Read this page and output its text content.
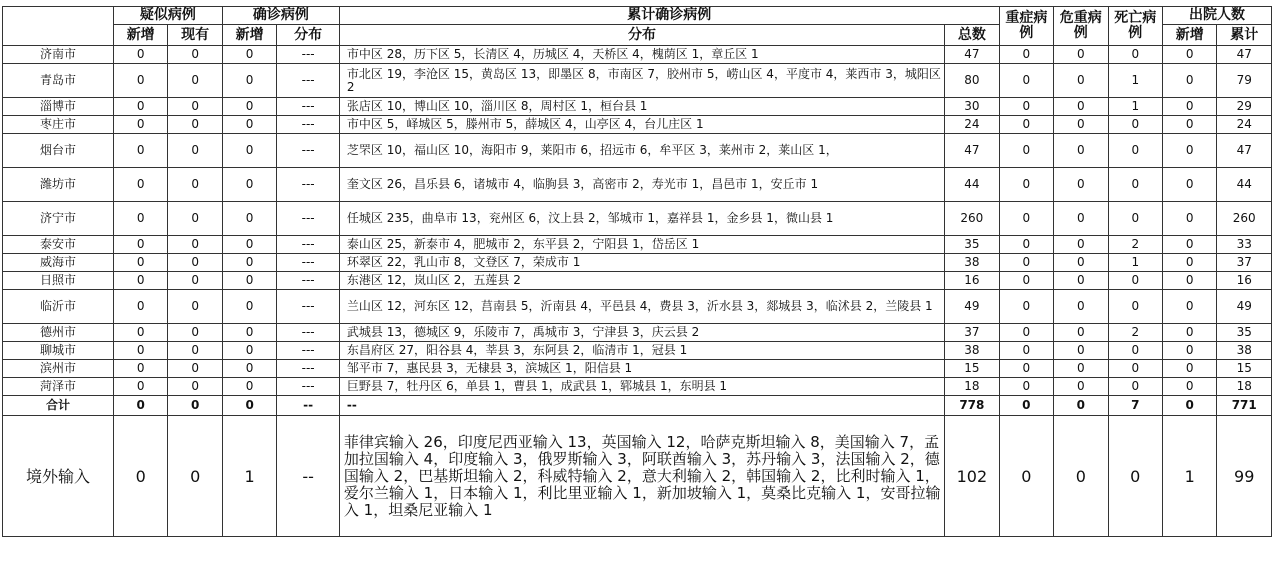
	疑似病例		确诊病例		累计确诊病例		重症病例	危重病例	死亡病例	出院人数	
	新增	现有	新增	分布	分布	总数				新增	累计
济南市	0	0	0	---	市中区 28，历下区 5，长清区 4，历城区 4，天桥区 4，槐荫区 1，章丘区 1	47	0	0	0	0	47
青岛市	0	0	0	---	市北区 19，李沧区 15，黄岛区 13，即墨区 8，市南区 7，胶州市 5，崂山区 4，平度市 4，莱西市 3，城阳区 2	80	0	0	1	0	79
淄博市	0	0	0	---	张店区 10，博山区 10，淄川区 8，周村区 1，桓台县 1	30	0	0	1	0	29
枣庄市	0	0	0	---	市中区 5，峄城区 5，滕州市 5，薛城区 4，山亭区 4，台儿庄区 1	24	0	0	0	0	24
烟台市	0	0	0	---	芝罘区 10，福山区 10，海阳市 9，莱阳市 6，招远市 6，牟平区 3，莱州市 2，莱山区 1，	47	0	0	0	0	47
潍坊市	0	0	0	---	奎文区 26，昌乐县 6，诸城市 4，临朐县 3，高密市 2，寿光市 1，昌邑市 1，安丘市 1	44	0	0	0	0	44
济宁市	0	0	0	---	任城区 235，曲阜市 13，兖州区 6，汶上县 2，邹城市 1，嘉祥县 1，金乡县 1，微山县 1	260	0	0	0	0	260
泰安市	0	0	0	---	泰山区 25，新泰市 4，肥城市 2，东平县 2，宁阳县 1，岱岳区 1	35	0	0	2	0	33
威海市	0	0	0	---	环翠区 22，乳山市 8，文登区 7，荣成市 1	38	0	0	1	0	37
日照市	0	0	0	---	东港区 12，岚山区 2，五莲县 2	16	0	0	0	0	16
临沂市	0	0	0	---	兰山区 12，河东区 12，莒南县 5，沂南县 4，平邑县 4，费县 3，沂水县 3，郯城县 3，临沭县 2，兰陵县 1	49	0	0	0	0	49
德州市	0	0	0	---	武城县 13，德城区 9，乐陵市 7，禹城市 3，宁津县 3，庆云县 2	37	0	0	2	0	35
聊城市	0	0	0	---	东昌府区 27，阳谷县 4，莘县 3，东阿县 2，临清市 1，冠县 1	38	0	0	0	0	38
滨州市	0	0	0	---	邹平市 7，惠民县 3，无棣县 3，滨城区 1，阳信县 1	15	0	0	0	0	15
菏泽市	0	0	0	---	巨野县 7，牡丹区 6，单县 1，曹县 1，成武县 1，郓城县 1，东明县 1	18	0	0	0	0	18
合计	0	0	0	--	--	778	0	0	7	0	771
境外输入	0	0	1	--	菲律宾输入 26，印度尼西亚输入 13，英国输入 12，哈萨克斯坦输入 8，美国输入 7，孟加拉国输入 4，印度输入 3，俄罗斯输入 3，阿联酋输入 3，苏丹输入 3，法国输入 2，德国输入 2，巴基斯坦输入 2，科威特输入 2，意大利输入 2，韩国输入 2，比利时输入 1，爱尔兰输入 1，日本输入 1，利比里亚输入 1，新加坡输入 1，莫桑比克输入 1，安哥拉输入 1，坦桑尼亚输入 1	102	0	0	0	1	99
